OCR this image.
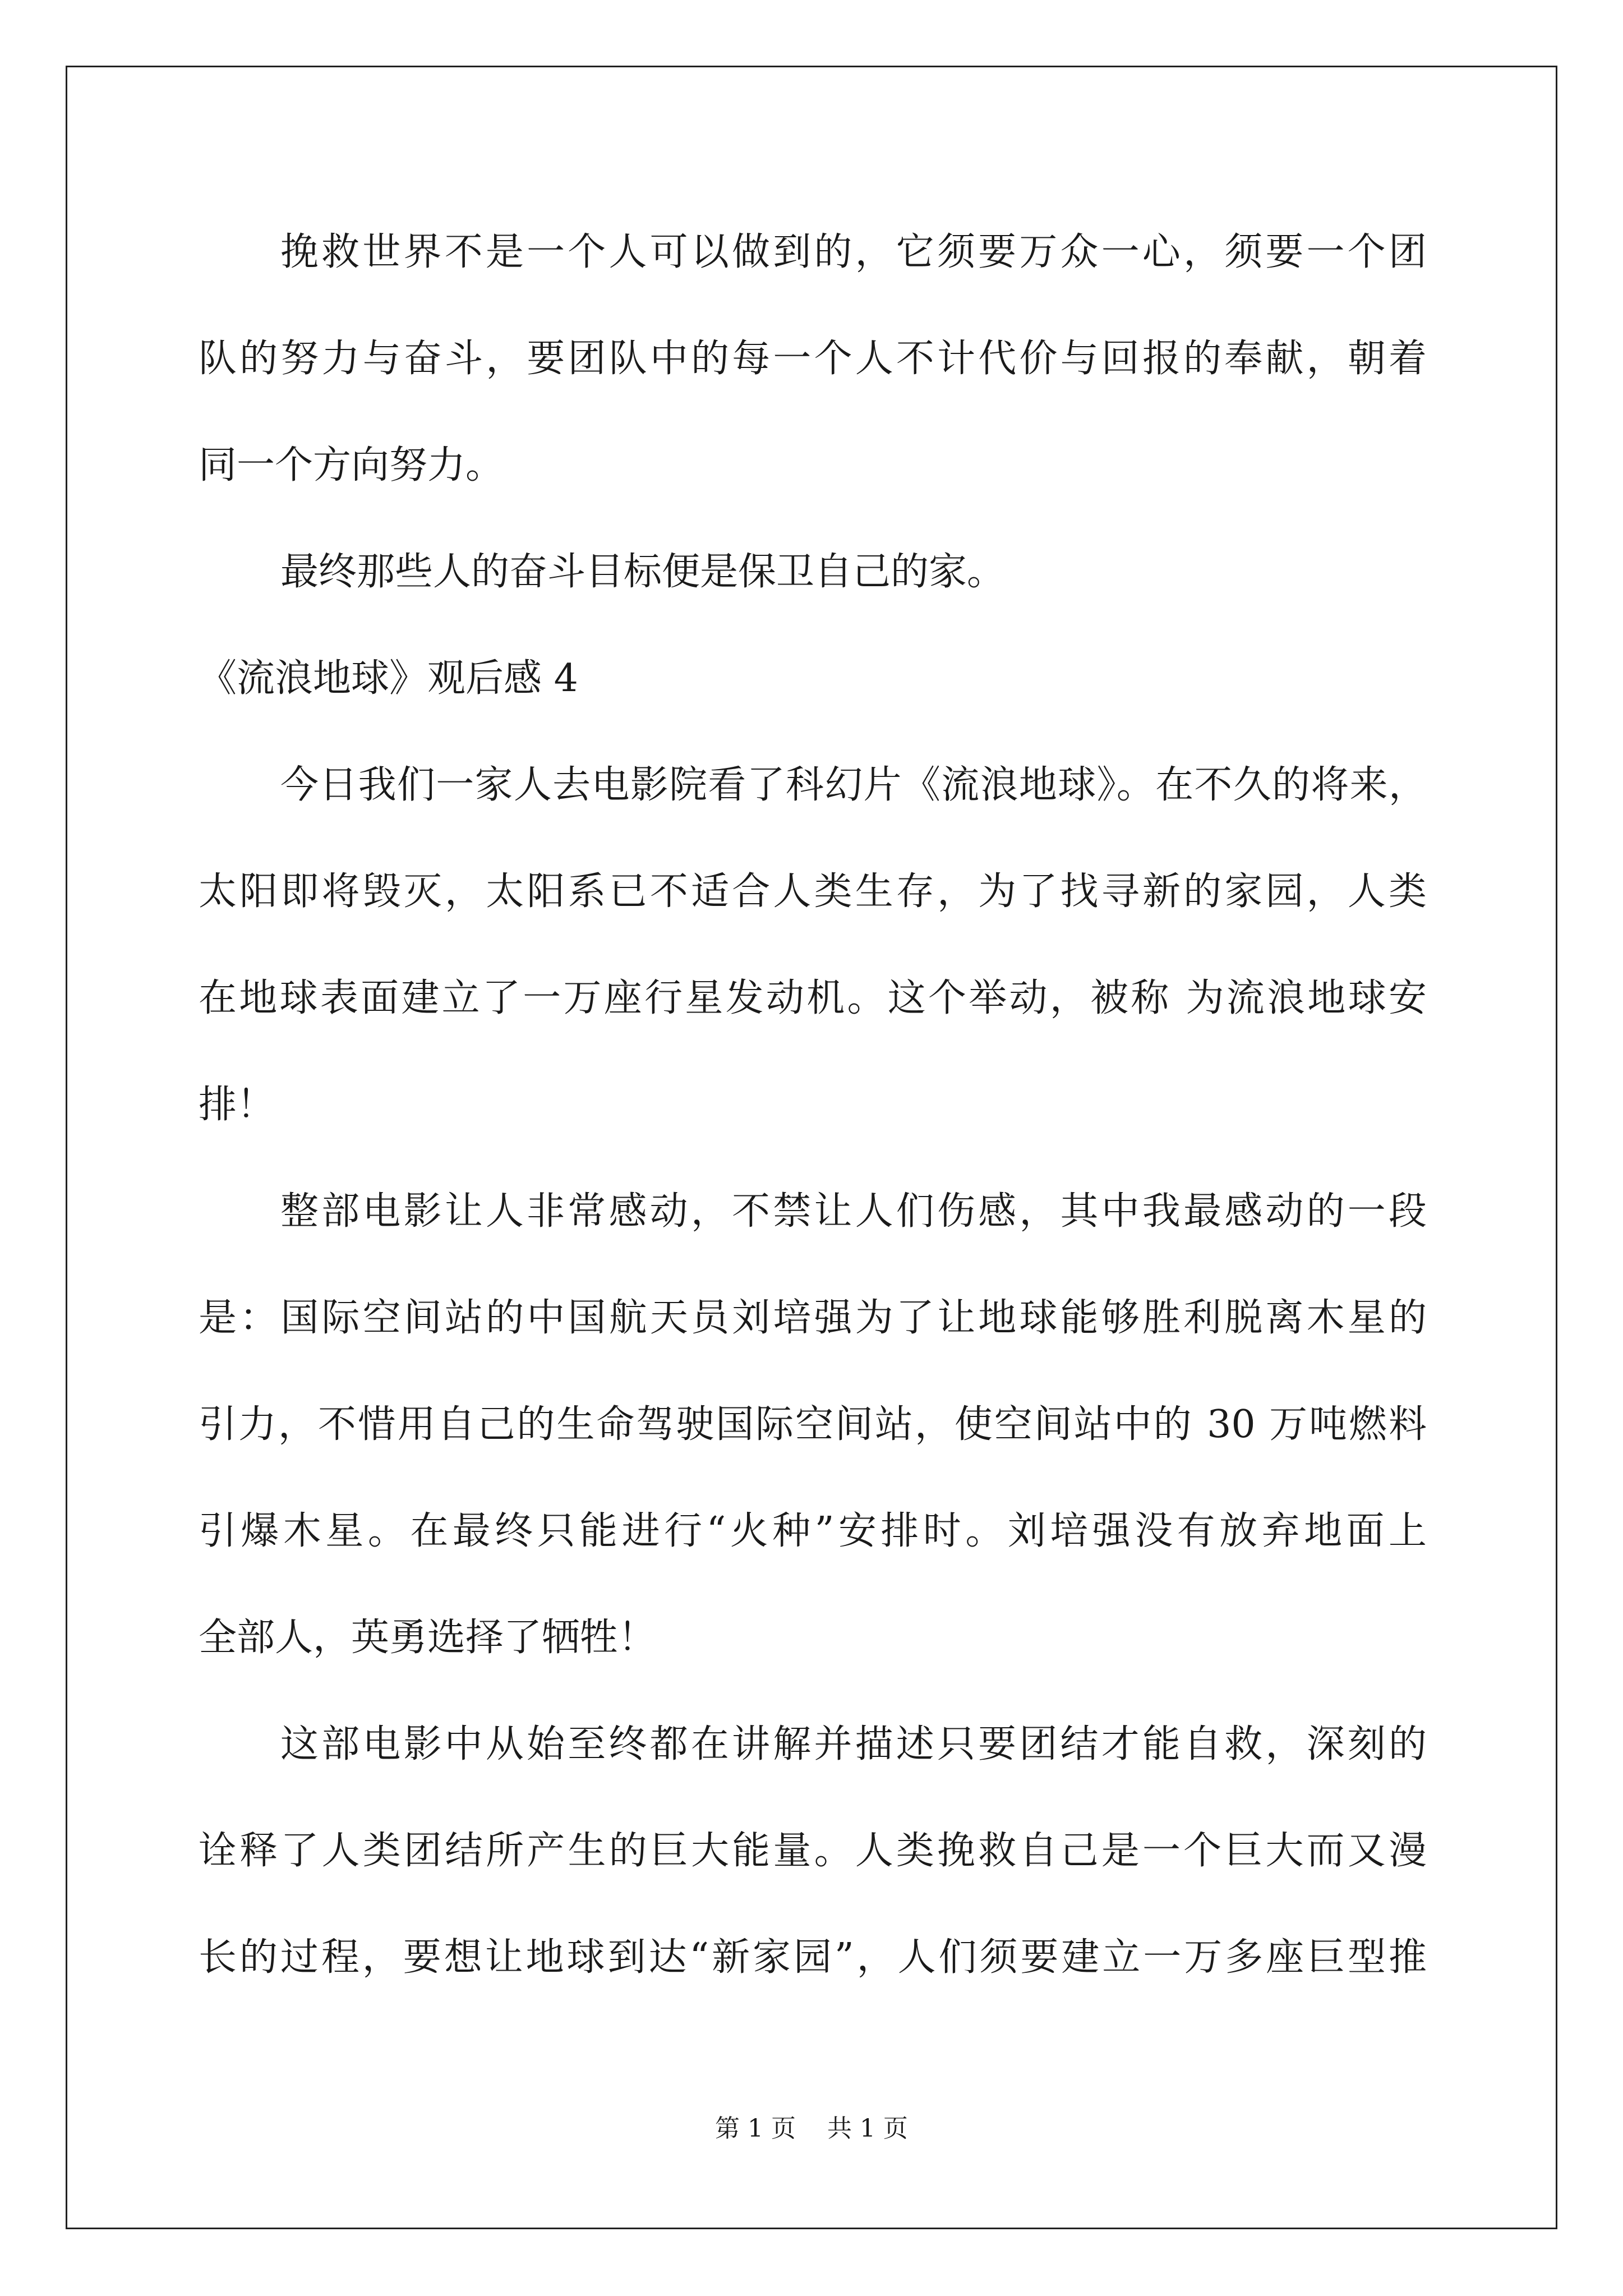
挽救世界不是一个人可以做到的，它须要万众一心，须要一个团
队的努力与奋斗，要团队中的每一个人不计代价与回报的奉献，朝着
同一个方向努力。
最终那些人的奋斗目标便是保卫自己的家。
《流浪地球》观后感 4
今日我们一家人去电影院看了科幻片《流浪地球》。在不久的将来，
太阳即将毁灭，太阳系已不适合人类生存，为了找寻新的家园，人类
在地球表面建立了一万座行星发动机。这个举动，被称 为流浪地球安
排！
整部电影让人非常感动，不禁让人们伤感，其中我最感动的一段
是：国际空间站的中国航天员刘培强为了让地球能够胜利脱离木星的
引力，不惜用自己的生命驾驶国际空间站，使空间站中的 30 万吨燃料
引爆木星。在最终只能进行“火种”安排时。刘培强没有放弃地面上
全部人，英勇选择了牺牲！
这部电影中从始至终都在讲解并描述只要团结才能自救，深刻的
诠释了人类团结所产生的巨大能量。人类挽救自己是一个巨大而又漫
长的过程，要想让地球到达“新家园”，人们须要建立一万多座巨型推
第 1 页    共 1 页
